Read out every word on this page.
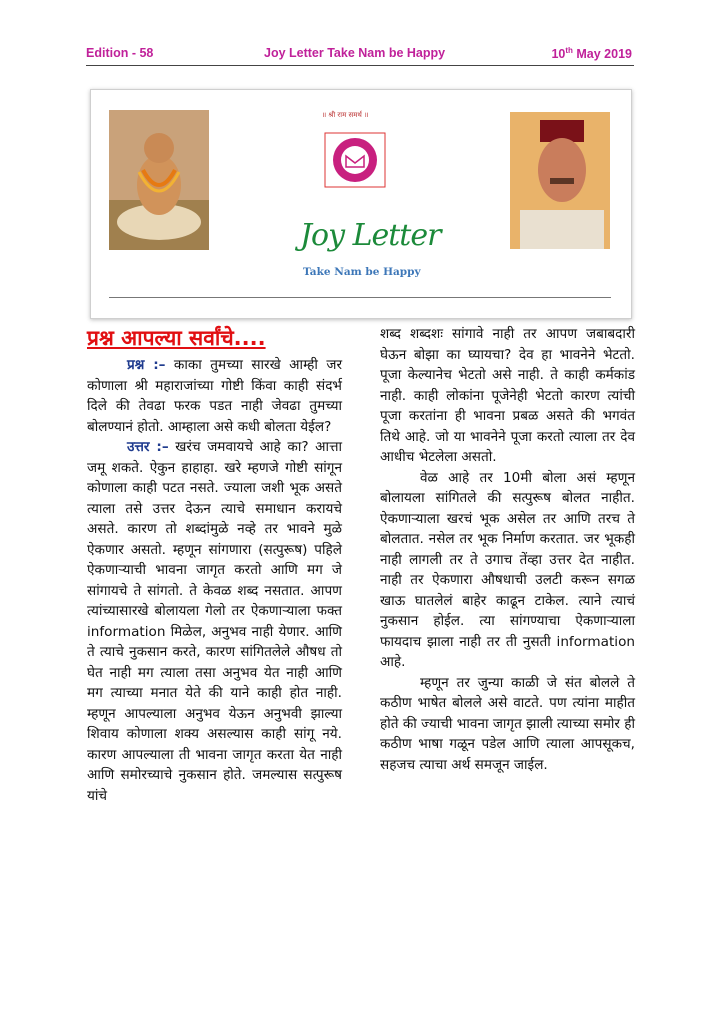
Edition - 58	Joy Letter Take Nam be Happy	10th May 2019
॥ श्री राम समर्थ ॥
Joy Letter
Take Nam be Happy
प्रश्न आपल्या सर्वांचे....

प्रश्न :– काका तुमच्या सारखे आम्ही जर कोणाला श्री महाराजांच्या गोष्टी किंवा काही संदर्भ दिले की तेवढा फरक पडत नाही जेवढा तुमच्या बोलण्यानं होतो. आम्हाला असे कधी बोलता येईल?

उत्तर :– खरंच जमवायचे आहे का? आत्ता जमू शकते. ऐकुन हाहाहा. खरे म्हणजे गोष्टी सांगून कोणाला काही पटत नसते. ज्याला जशी भूक असते त्याला तसे उत्तर देऊन त्याचे समाधान करायचे असते. कारण तो शब्दांमुळे नव्हे तर भावने मुळे ऐकणार असतो. म्हणून सांगणारा (सत्पुरूष) पहिले ऐकणाऱ्याची भावना जागृत करतो आणि मग जे सांगायचे ते सांगतो. ते केवळ शब्द नसतात. आपण त्यांच्यासारखे बोलायला गेलो तर ऐकणाऱ्याला फक्त information मिळेल, अनुभव नाही येणार. आणि ते त्याचे नुकसान करते, कारण सांगितलेले औषध तो घेत नाही मग त्याला तसा अनुभव येत नाही आणि मग त्याच्या मनात येते की याने काही होत नाही. म्हणून आपल्याला अनुभव येऊन अनुभवी झाल्या शिवाय कोणाला शक्य असल्यास काही सांगू नये. कारण आपल्याला ती भावना जागृत करता येत नाही आणि समोरच्याचे नुकसान होते. जमल्यास सत्पुरूष यांचे

शब्द शब्दशः सांगावे नाही तर आपण जबाबदारी घेऊन बोझा का घ्यायचा? देव हा भावनेने भेटतो. पूजा केल्यानेच भेटतो असे नाही. ते काही कर्मकांड नाही. काही लोकांना पूजेनेही भेटतो कारण त्यांची पूजा करतांना ही भावना प्रबळ असते की भगवंत तिथे आहे. जो या भावनेने पूजा करतो त्याला तर देव आधीच भेटलेला असतो.

वेळ आहे तर 10मी बोला असं म्हणून बोलायला सांगितले की सत्पुरूष बोलत नाहीत. ऐकणाऱ्याला खरचं भूक असेल तर आणि तरच ते बोलतात. नसेल तर भूक निर्माण करतात. जर भूकही नाही लागली तर ते उगाच तेंव्हा उत्तर देत नाहीत. नाही तर ऐकणारा औषधाची उलटी करून सगळ खाऊ घातलेलं बाहेर काढून टाकेल. त्याने त्याचं नुकसान होईल. त्या सांगण्याचा ऐकणाऱ्याला फायदाच झाला नाही तर ती नुसती information आहे.

म्हणून तर जुन्या काळी जे संत बोलले ते कठीण भाषेत बोलले असे वाटते. पण त्यांना माहीत होते की ज्याची भावना जागृत झाली त्याच्या समोर ही कठीण भाषा गळून पडेल आणि त्याला आपसूकच, सहजच त्याचा अर्थ समजून जाईल.
